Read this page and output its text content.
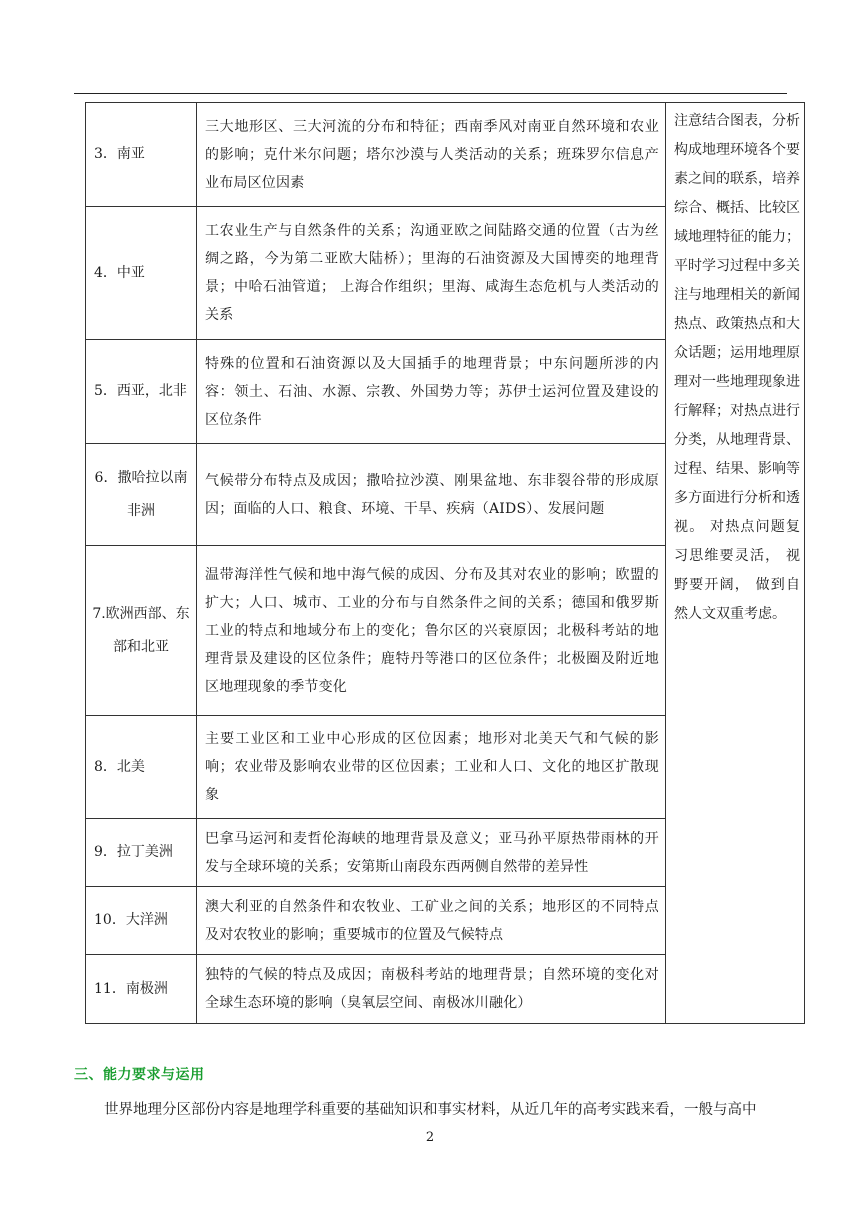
3．南亚	三大地形区、三大河流的分布和特征；西南季风对南亚自然环境和农业的影响；克什米尔问题；塔尔沙漠与人类活动的关系；班珠罗尔信息产业布局区位因素	注意结合图表，分析构成地理环境各个要素之间的联系，培养综合、概括、比较区域地理特征的能力； 平时学习过程中多关注与地理相关的新闻热点、政策热点和大众话题；运用地理原理对一些地理现象进行解释；对热点进行分类，从地理背景、过程、结果、影响等多方面进行分析和透视。 对热点问题复习思维要灵活， 视野要开阔， 做到自然人文双重考虑。
4．中亚	工农业生产与自然条件的关系；沟通亚欧之间陆路交通的位置（古为丝绸之路，今为第二亚欧大陆桥）；里海的石油资源及大国博奕的地理背景；中哈石油管道； 上海合作组织；里海、咸海生态危机与人类活动的关系	
5．西亚，北非	特殊的位置和石油资源以及大国插手的地理背景；中东问题所涉的内容：领土、石油、水源、宗教、外国势力等；苏伊士运河位置及建设的区位条件	
6．撒哈拉以南非洲	气候带分布特点及成因；撒哈拉沙漠、刚果盆地、东非裂谷带的形成原因；面临的人口、粮食、环境、干旱、疾病（AIDS）、发展问题	
7.欧洲西部、东部和北亚	温带海洋性气候和地中海气候的成因、分布及其对农业的影响；欧盟的扩大；人口、城市、工业的分布与自然条件之间的关系；德国和俄罗斯工业的特点和地域分布上的变化；鲁尔区的兴衰原因；北极科考站的地理背景及建设的区位条件；鹿特丹等港口的区位条件；北极圈及附近地区地理现象的季节变化	
8．北美	主要工业区和工业中心形成的区位因素；地形对北美天气和气候的影响；农业带及影响农业带的区位因素；工业和人口、文化的地区扩散现象	
9．拉丁美洲	巴拿马运河和麦哲伦海峡的地理背景及意义；亚马孙平原热带雨林的开发与全球环境的关系；安第斯山南段东西两侧自然带的差异性	
10．大洋洲	澳大利亚的自然条件和农牧业、工矿业之间的关系；地形区的不同特点及对农牧业的影响；重要城市的位置及气候特点	
11．南极洲	独特的气候的特点及成因；南极科考站的地理背景；自然环境的变化对全球生态环境的影响（臭氧层空间、南极冰川融化）	
三、能力要求与运用
世界地理分区部份内容是地理学科重要的基础知识和事实材料，从近几年的高考实践来看，一般与高中
2
